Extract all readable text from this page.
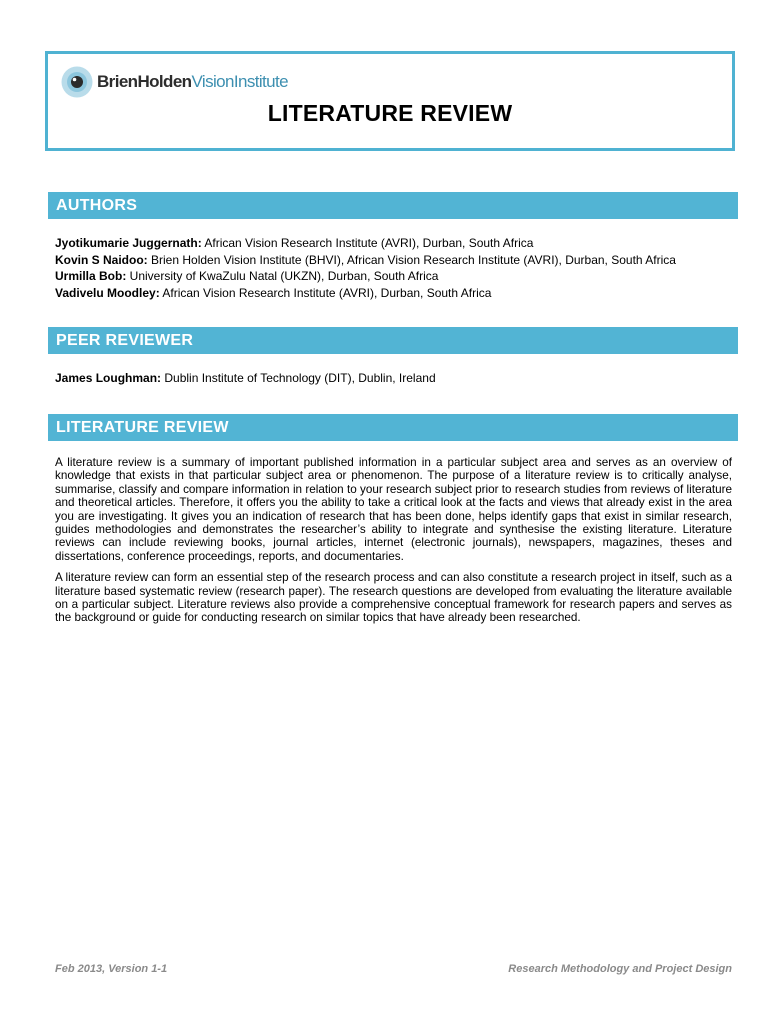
BrienHoldenVisionInstitute
LITERATURE REVIEW
AUTHORS

Jyotikumarie Juggernath: African Vision Research Institute (AVRI), Durban, South Africa

Kovin S Naidoo: Brien Holden Vision Institute (BHVI), African Vision Research Institute (AVRI), Durban, South Africa

Urmilla Bob: University of KwaZulu Natal (UKZN), Durban, South Africa

Vadivelu Moodley: African Vision Research Institute (AVRI), Durban, South Africa

PEER REVIEWER
James Loughman: Dublin Institute of Technology (DIT), Dublin, Ireland
LITERATURE REVIEW

A literature review is a summary of important published information in a particular subject area and serves as an overview of knowledge that exists in that particular subject area or phenomenon. The purpose of a literature review is to critically analyse, summarise, classify and compare information in relation to your research subject prior to research studies from reviews of literature and theoretical articles. Therefore, it offers you the ability to take a critical look at the facts and views that already exist in the area you are investigating. It gives you an indication of research that has been done, helps identify gaps that exist in similar research, guides methodologies and demonstrates the researcher’s ability to integrate and synthesise the existing literature. Literature reviews can include reviewing books, journal articles, internet (electronic journals), newspapers, magazines, theses and dissertations, conference proceedings, reports, and documentaries.

A literature review can form an essential step of the research process and can also constitute a research project in itself, such as a literature based systematic review (research paper). The research questions are developed from evaluating the literature available on a particular subject. Literature reviews also provide a comprehensive conceptual framework for research papers and serves as the background or guide for conducting research on similar topics that have already been researched.

Feb 2013, Version 1-1	Research Methodology and Project Design
